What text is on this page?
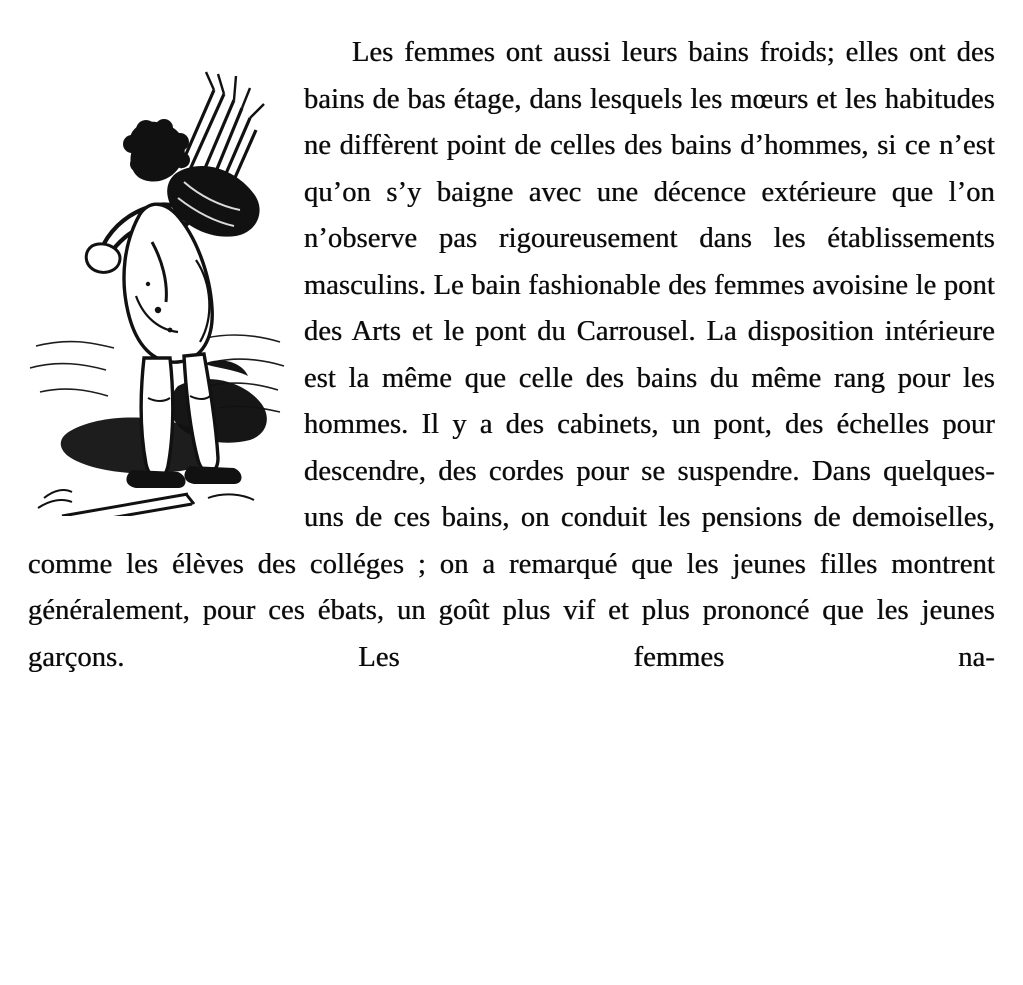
Les femmes ont aussi leurs bains froids; elles ont des bains de bas étage, dans lesquels les mœurs et les habitudes ne diffèrent point de celles des bains d’hommes, si ce n’est qu’on s’y baigne avec une décence extérieure que l’on n’observe pas rigoureusement dans les établissements masculins. Le bain fashionable des femmes avoisine le pont des Arts et le pont du Carrousel. La disposition intérieure est la même que celle des bains du même rang pour les hommes. Il y a des cabinets, un pont, des échelles pour descendre, des cordes pour se suspendre. Dans quelques-uns de ces bains, on conduit les pensions de demoiselles, comme les élèves des colléges ; on a remarqué que les jeunes filles montrent généralement, pour ces ébats, un goût plus vif et plus prononcé que les jeunes garçons. Les femmes na-
